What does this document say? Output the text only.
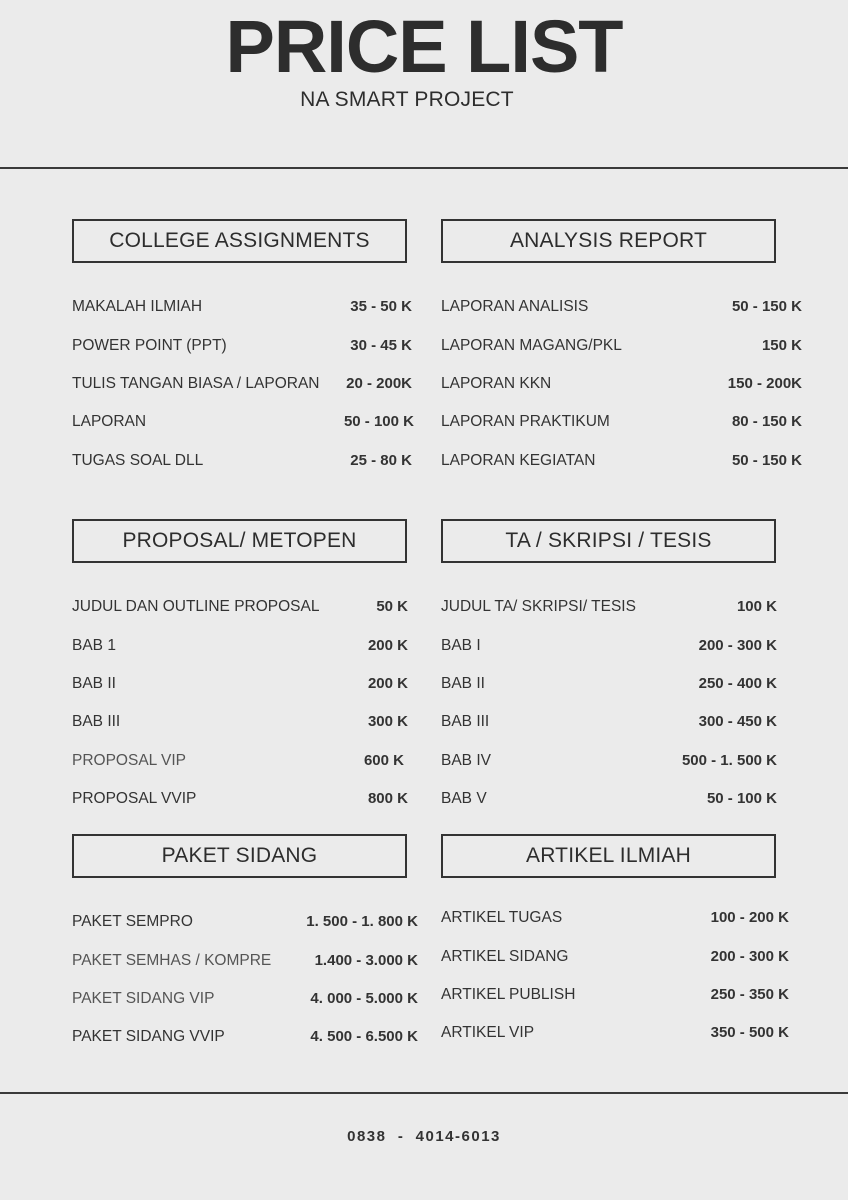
PRICE LIST
NA SMART PROJECT
COLLEGE ASSIGNMENTS
MAKALAH ILMIAH	35 - 50 K
POWER POINT (PPT)	30 - 45 K
TULIS TANGAN BIASA / LAPORAN 20 - 200K
LAPORAN	50 - 100 K
TUGAS SOAL DLL	25 - 80 K
ANALYSIS REPORT
LAPORAN ANALISIS	50 - 150 K
LAPORAN MAGANG/PKL	150 K
LAPORAN KKN	150 - 200K
LAPORAN PRAKTIKUM	80 - 150 K
LAPORAN KEGIATAN	50 - 150 K
PROPOSAL/ METOPEN
JUDUL DAN OUTLINE PROPOSAL	50 K
BAB 1	200 K
BAB II	200 K
BAB III	300 K
PROPOSAL VIP	600 K
PROPOSAL VVIP	800 K
TA / SKRIPSI / TESIS
JUDUL TA/ SKRIPSI/ TESIS	100 K
BAB I	200 - 300 K
BAB II	250 - 400 K
BAB III	300 - 450 K
BAB IV	500 - 1. 500 K
BAB V	50 - 100 K
PAKET SIDANG
PAKET SEMPRO	1. 500 - 1. 800 K
PAKET SEMHAS / KOMPRE	1.400 - 3.000 K
PAKET SIDANG VIP	4. 000 - 5.000 K
PAKET SIDANG VVIP	4. 500 - 6.500 K
ARTIKEL ILMIAH
ARTIKEL TUGAS	100 - 200 K
ARTIKEL SIDANG	200 - 300 K
ARTIKEL PUBLISH	250 - 350 K
ARTIKEL VIP	350 - 500 K
0838  -  4014-6013
